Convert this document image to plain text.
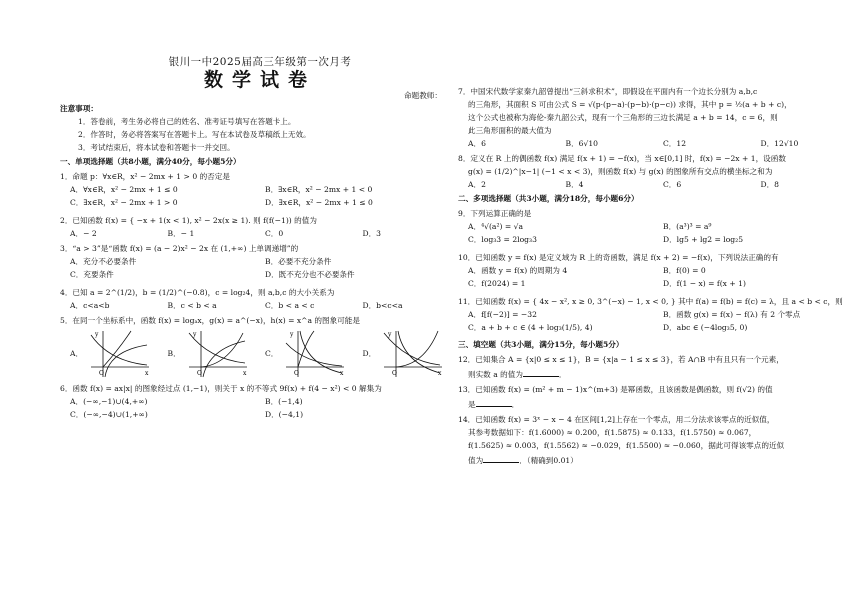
银川一中2025届高三年级第一次月考
数学试卷
命题教师：
注意事项：
1．答卷前，考生务必将自己的姓名、准考证号填写在答题卡上。
2．作答时，务必将答案写在答题卡上。写在本试卷及草稿纸上无效。
3．考试结束后，将本试卷和答题卡一并交回。
一、单项选择题（共8小题，满分40分，每小题5分）
1．命题 p：∀x∈R，x² − 2mx + 1 > 0 的否定是
A．∀x∈R，x² − 2mx + 1 ≤ 0	B．∃x∈R，x² − 2mx + 1 < 0
C．∃x∈R，x² − 2mx + 1 > 0	D．∃x∈R，x² − 2mx + 1 ≤ 0
2．已知函数 f(x) = { −x + 1(x < 1), x² − 2x(x ≥ 1). 则 f(f(−1)) 的值为
A．− 2	B．− 1	C．0	D．3
3．“a > 3”是“函数 f(x) = (a − 2)x² − 2x 在 (1,+∞) 上单调递增”的
A．充分不必要条件	B．必要不充分条件
C．充要条件	D．既不充分也不必要条件
4．已知 a = 2^(1/2)，b = (1/2)^(−0.8)，c = log₂4，则 a,b,c 的大小关系为
A．c<a<b	B．c < b < a	C．b < a < c	D．b<c<a
5．在同一个坐标系中，函数 f(x) = logₐx，g(x) = a^(−x)，h(x) = x^a 的图象可能是
A．
O	x
y
B．
O	x
y
C．
O	x
y
D．
O	x
y
6．函数 f(x) = ax|x| 的图象经过点 (1,−1)，则关于 x 的不等式 9f(x) + f(4 − x²) < 0 解集为
A．(−∞,−1)∪(4,+∞)	B．(−1,4)
C．(−∞,−4)∪(1,+∞)	D．(−4,1)
7．中国宋代数学家秦九韶曾提出“三斜求积术”，即假设在平面内有一个边长分别为 a,b,c
的三角形，其面积 S 可由公式 S = √(p·(p−a)·(p−b)·(p−c)) 求得，其中 p = ½(a + b + c)，
这个公式也被称为海伦-秦九韶公式，现有一个三角形的三边长满足 a + b = 14，c = 6，则
此三角形面积的最大值为
A．6	B．6√10	C．12	D．12√10
8．定义在 R 上的偶函数 f(x) 满足 f(x + 1) = −f(x)，当 x∈[0,1] 时，f(x) = −2x + 1，设函数
g(x) = (1/2)^|x−1| (−1 < x < 3)，则函数 f(x) 与 g(x) 的图象所有交点的横坐标之和为
A．2	B．4	C．6	D．8
二、多项选择题（共3小题，满分18分，每小题6分）
9．下列运算正确的是
A．⁴√(a²) = √a	B．(a³)³ = a⁹
C．log₃3 = 2log₃3	D．lg5 + lg2 = log₂5
10．已知函数 y = f(x) 是定义域为 R 上的奇函数，满足 f(x + 2) = −f(x)，下列说法正确的有
A．函数 y = f(x) 的周期为 4	B．f(0) = 0
C．f(2024) = 1	D．f(1 − x) = f(x + 1)
11．已知函数 f(x) = { 4x − x², x ≥ 0, 3^(−x) − 1, x < 0, } 其中 f(a) = f(b) = f(c) = λ，且 a < b < c，则
A．f[f(−2)] = −32	B．函数 g(x) = f(x) − f(λ) 有 2 个零点
C．a + b + c ∈ (4 + log₃(1/5), 4)	D．abc ∈ (−4log₃5, 0)
三、填空题（共3小题，满分15分，每小题5分）
12．已知集合 A = {x|0 ≤ x ≤ 1}，B = {x|a − 1 ≤ x ≤ 3}，若 A∩B 中有且只有一个元素，
则实数 a 的值为	．
13．已知函数 f(x) = (m² + m − 1)x^(m+3) 是幂函数，且该函数是偶函数，则 f(√2) 的值
是	．
14．已知函数 f(x) = 3ˣ − x − 4 在区间[1,2]上存在一个零点，用二分法求该零点的近似值，
其参考数据如下：f(1.6000) ≈ 0.200，f(1.5875) ≈ 0.133，f(1.5750) ≈ 0.067，
f(1.5625) ≈ 0.003，f(1.5562) ≈ −0.029，f(1.5500) ≈ −0.060，据此可得该零点的近似
值为	．（精确到0.01）
